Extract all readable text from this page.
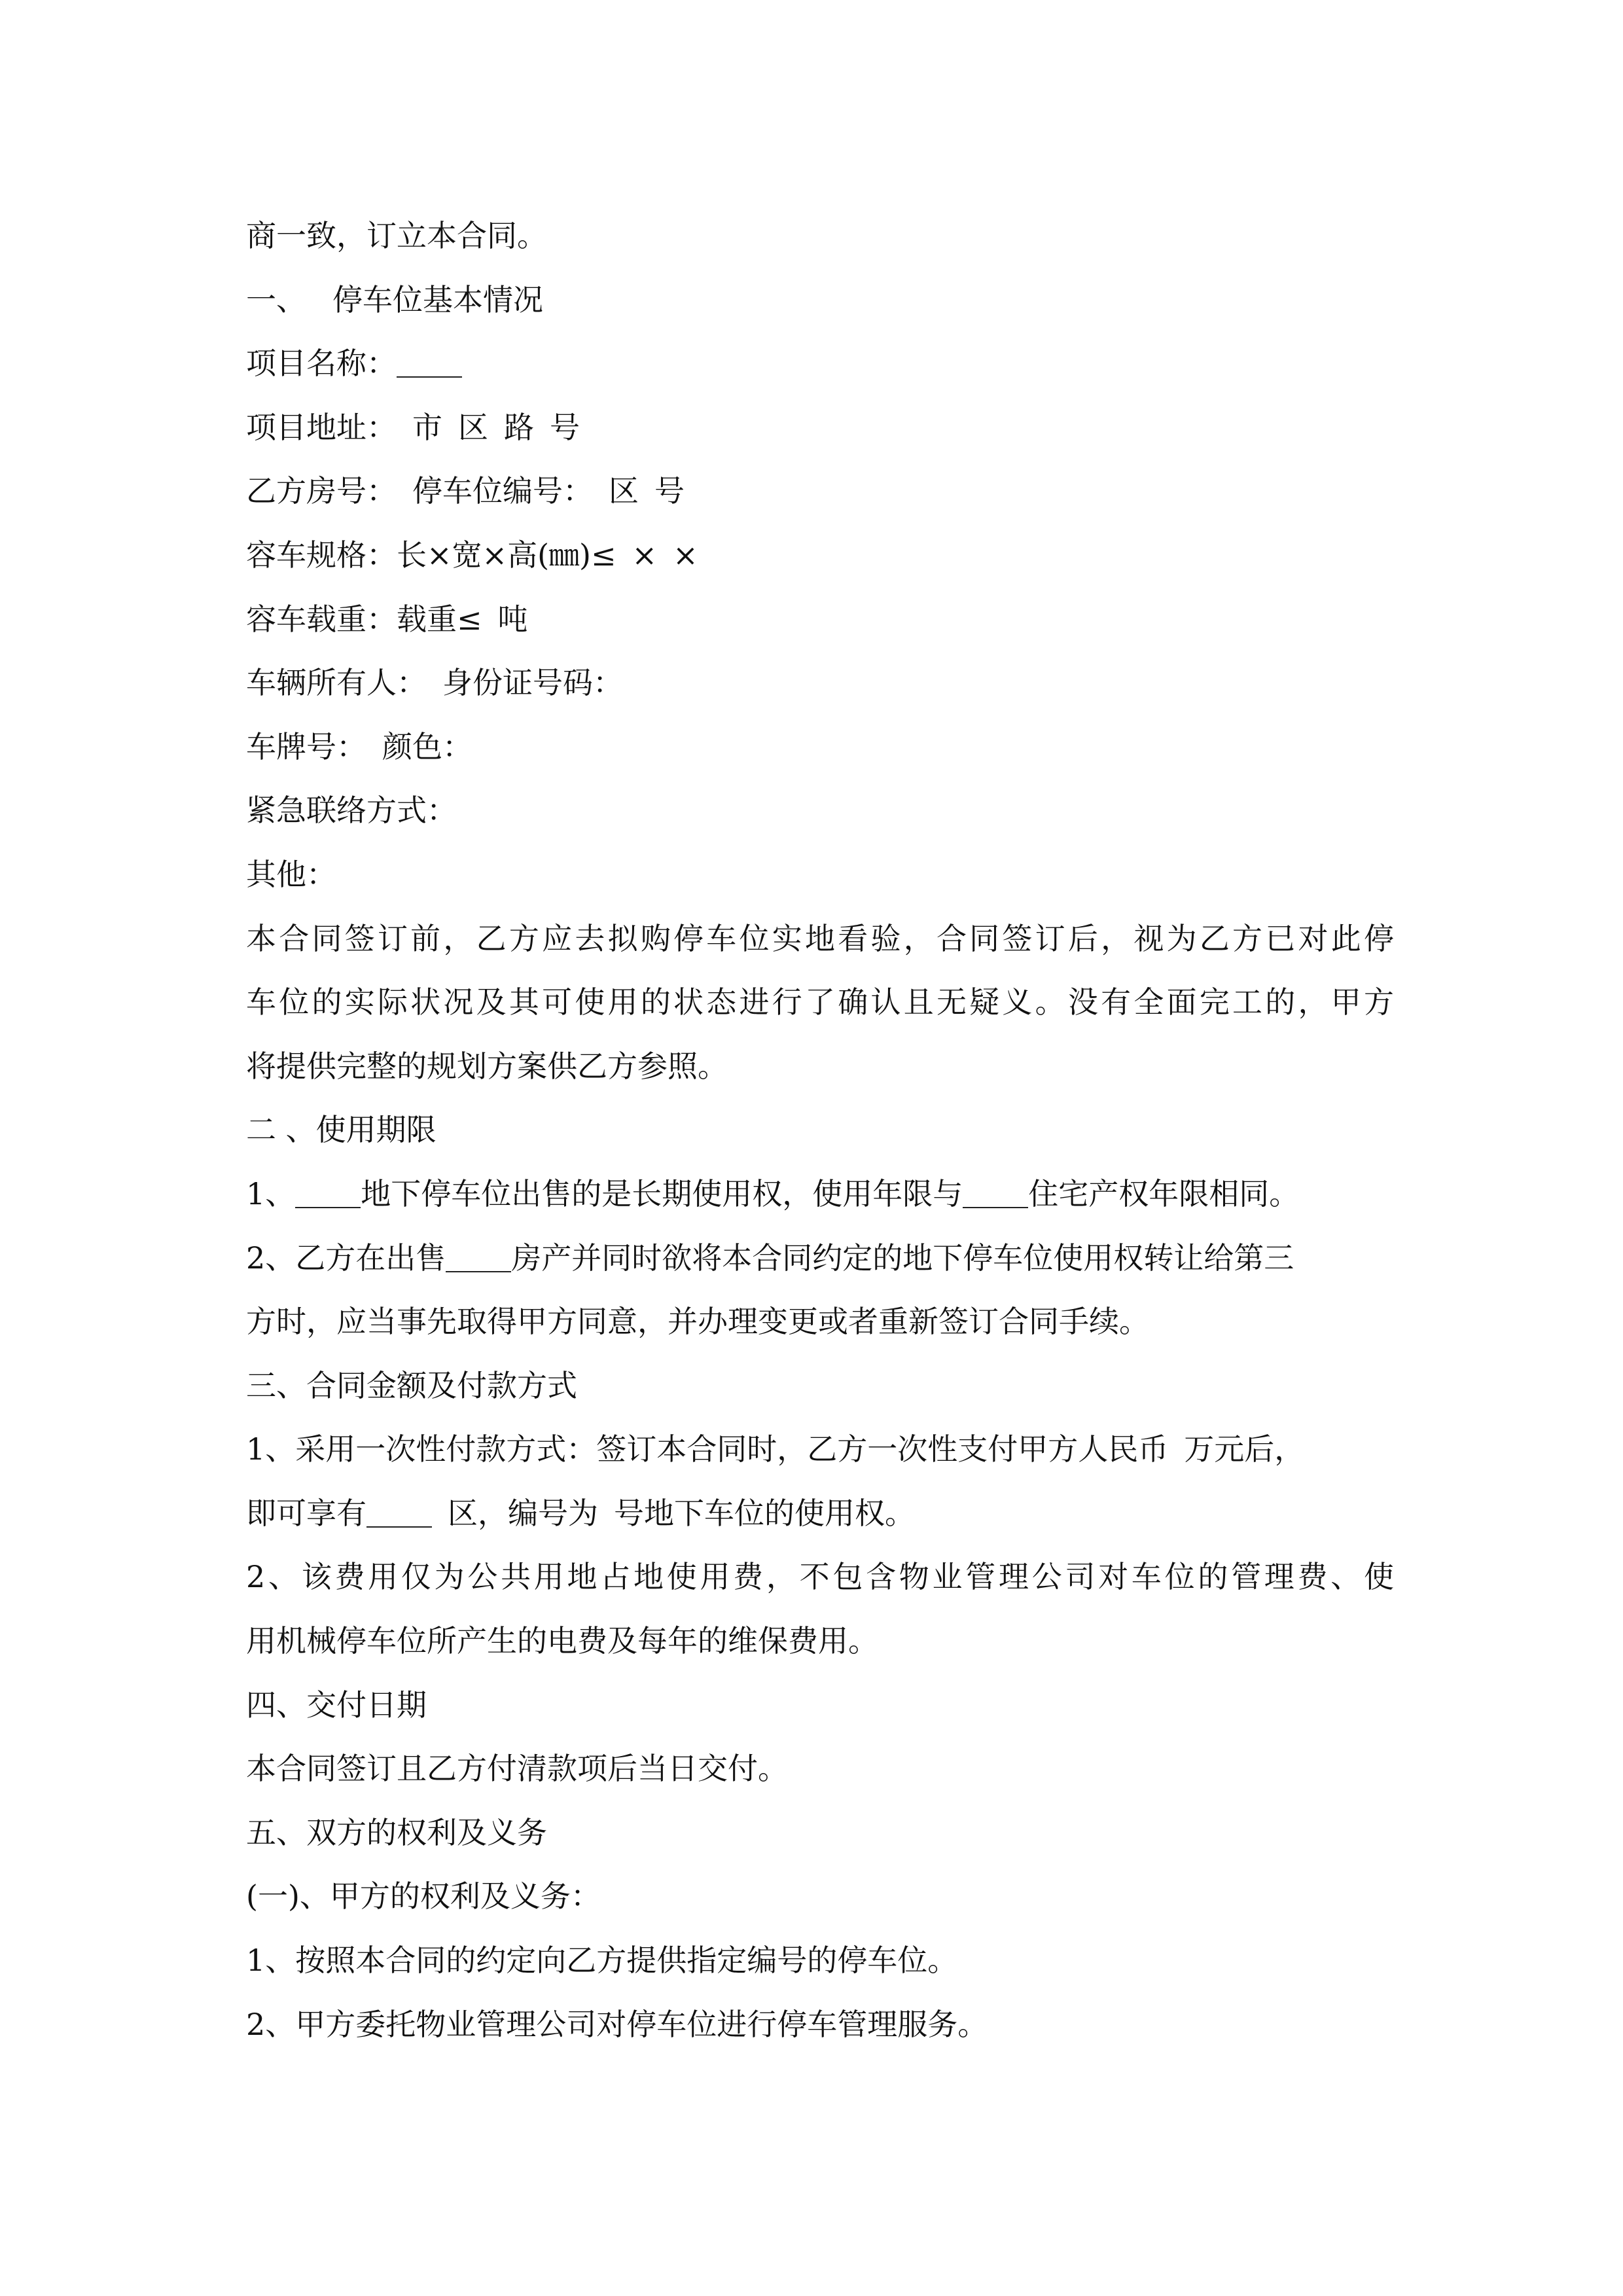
商一致，订立本合同。
一、 停车位基本情况
项目名称：
项目地址： 市 区 路 号
乙方房号： 停车位编号： 区 号
容车规格：长×宽×高(㎜)≤ × ×
容车载重：载重≤ 吨
车辆所有人： 身份证号码：
车牌号： 颜色：
紧急联络方式：
其他：
本合同签订前，乙方应去拟购停车位实地看验，合同签订后，视为乙方已对此停
车位的实际状况及其可使用的状态进行了确认且无疑义。没有全面完工的，甲方
将提供完整的规划方案供乙方参照。
二 、使用期限
1、 地下停车位出售的是长期使用权，使用年限与 住宅产权年限相同。
2、乙方在出售 房产并同时欲将本合同约定的地下停车位使用权转让给第三
方时，应当事先取得甲方同意，并办理变更或者重新签订合同手续。
三、合同金额及付款方式
1、采用一次性付款方式：签订本合同时，乙方一次性支付甲方人民币 万元后，
即可享有	区，编号为 号地下车位的使用权。
2、该费用仅为公共用地占地使用费，不包含物业管理公司对车位的管理费、使
用机械停车位所产生的电费及每年的维保费用。
四、交付日期
本合同签订且乙方付清款项后当日交付。
五、双方的权利及义务
(一)、甲方的权利及义务：
1、按照本合同的约定向乙方提供指定编号的停车位。
2、甲方委托物业管理公司对停车位进行停车管理服务。
